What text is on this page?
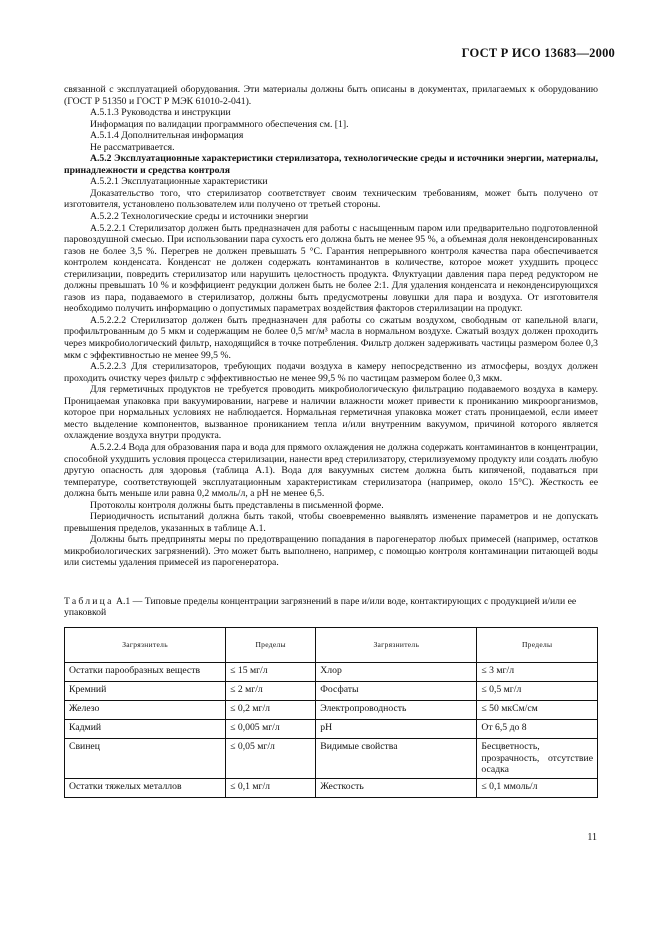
ГОСТ Р ИСО 13683—2000

связанной с эксплуатацией оборудования. Эти материалы должны быть описаны в документах, прилагаемых к оборудованию (ГОСТ Р 51350 и ГОСТ Р МЭК 61010-2-041).

А.5.1.3 Руководства и инструкции

Информация по валидации программного обеспечения см. [1].

А.5.1.4 Дополнительная информация

Не рассматривается.

А.5.2 Эксплуатационные характеристики стерилизатора, технологические среды и источники энергии, материалы, принадлежности и средства контроля

А.5.2.1 Эксплуатационные характеристики

Доказательство того, что стерилизатор соответствует своим техническим требованиям, может быть получено от изготовителя, установлено пользователем или получено от третьей стороны.

А.5.2.2 Технологические среды и источники энергии

А.5.2.2.1 Стерилизатор должен быть предназначен для работы с насыщенным паром или предварительно подготовленной паровоздушной смесью. При использовании пара сухость его должна быть не менее 95 %, а объемная доля неконденсированных газов не более 3,5 %. Перегрев не должен превышать 5 °С. Гарантия непрерывного контроля качества пара обеспечивается контролем конденсата. Конденсат не должен содержать контаминантов в количестве, которое может ухудшить процесс стерилизации, повредить стерилизатор или нарушить целостность продукта. Флуктуации давления пара перед редуктором не должны превышать 10 % и коэффициент редукции должен быть не более 2:1. Для удаления конденсата и неконденсирующихся газов из пара, подаваемого в стерилизатор, должны быть предусмотрены ловушки для пара и воздуха. От изготовителя необходимо получить информацию о допустимых параметрах воздействия факторов стерилизации на продукт.

А.5.2.2.2 Стерилизатор должен быть предназначен для работы со сжатым воздухом, свободным от капельной влаги, профильтрованным до 5 мкм и содержащим не более 0,5 мг/м³ масла в нормальном воздухе. Сжатый воздух должен проходить через микробиологический фильтр, находящийся в точке потребления. Фильтр должен задерживать частицы размером более 0,3 мкм с эффективностью не менее 99,5 %.

А.5.2.2.3 Для стерилизаторов, требующих подачи воздуха в камеру непосредственно из атмосферы, воздух должен проходить очистку через фильтр с эффективностью не менее 99,5 % по частицам размером более 0,3 мкм.

Для герметичных продуктов не требуется проводить микробиологическую фильтрацию подаваемого воздуха в камеру. Проницаемая упаковка при вакуумировании, нагреве и наличии влажности может привести к прониканию микроорганизмов, которое при нормальных условиях не наблюдается. Нормальная герметичная упаковка может стать проницаемой, если имеет место выделение компонентов, вызванное прониканием тепла и/или внутренним вакуумом, причиной которого является охлаждение воздуха внутри продукта.

А.5.2.2.4 Вода для образования пара и вода для прямого охлаждения не должна содержать контаминантов в концентрации, способной ухудшить условия процесса стерилизации, нанести вред стерилизатору, стерилизуемому продукту или создать любую другую опасность для здоровья (таблица А.1). Вода для вакуумных систем должна быть кипяченой, подаваться при температуре, соответствующей эксплуатационным характеристикам стерилизатора (например, около 15°С). Жесткость ее должна быть меньше или равна 0,2 ммоль/л, а рН не менее 6,5.

Протоколы контроля должны быть представлены в письменной форме.

Периодичность испытаний должна быть такой, чтобы своевременно выявлять изменение параметров и не допускать превышения пределов, указанных в таблице А.1.

Должны быть предприняты меры по предотвращению попадания в парогенератор любых примесей (например, остатков микробиологических загрязнений). Это может быть выполнено, например, с помощью контроля контаминации питающей воды или системы удаления примесей из парогенератора.

Таблица А.1 — Типовые пределы концентрации загрязнений в паре и/или воде, контактирующих с продукцией и/или ее упаковкой

Загрязнитель	Пределы	Загрязнитель	Пределы
Остатки парообразных веществ	≤ 15 мг/л	Хлор	≤ 3 мг/л
Кремний	≤ 2 мг/л	Фосфаты	≤ 0,5 мг/л
Железо	≤ 0,2 мг/л	Электропроводность	≤ 50 мкСм/см
Кадмий	≤ 0,005 мг/л	рН	От 6,5 до 8
Свинец	≤ 0,05 мг/л	Видимые свойства	Бесцветность, прозрачность, отсутствие осадка
Остатки тяжелых металлов	≤ 0,1 мг/л	Жесткость	≤ 0,1 ммоль/л
11
